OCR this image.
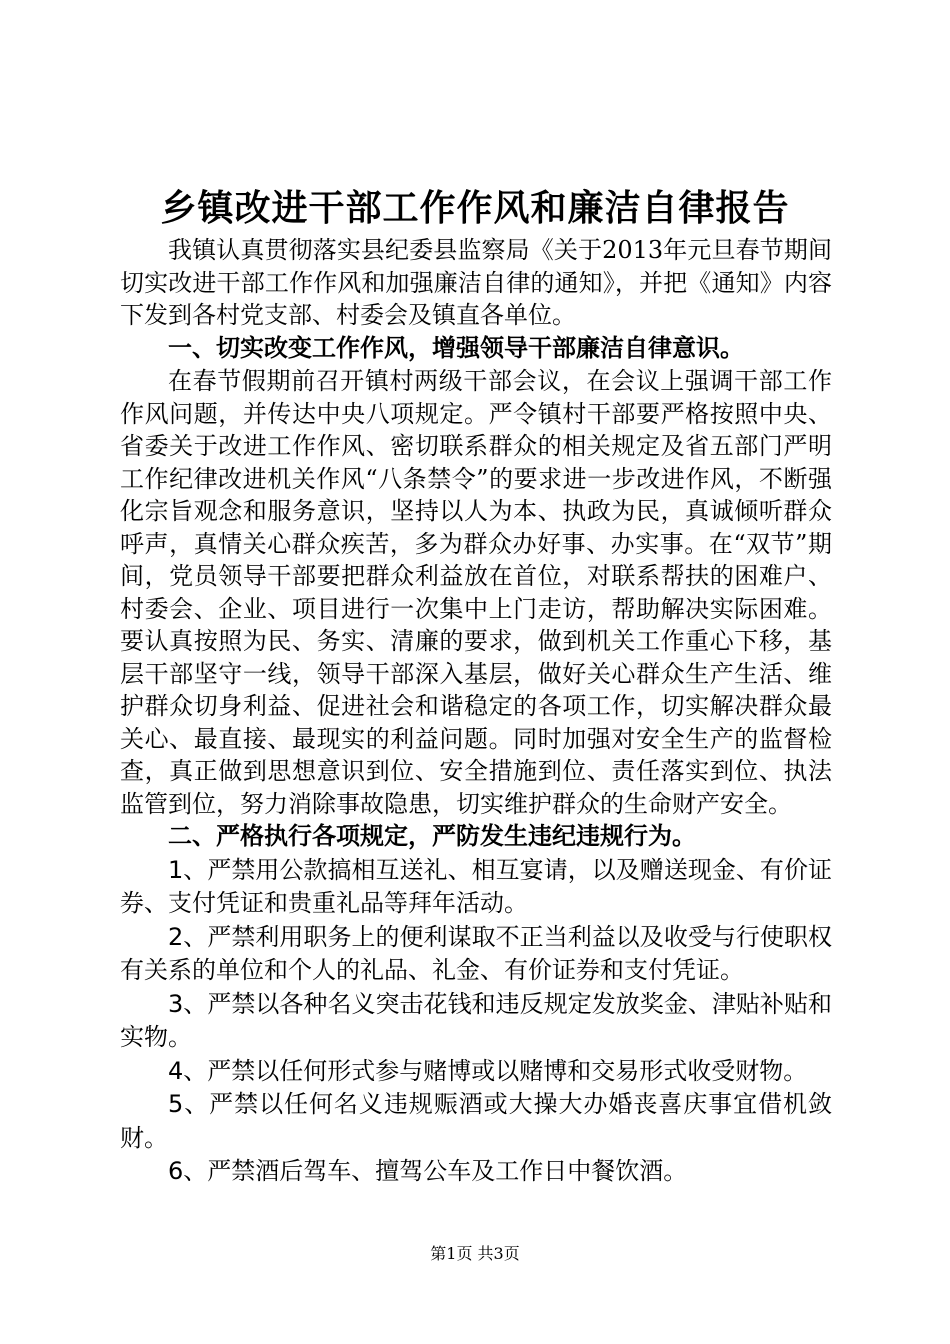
乡镇改进干部工作作风和廉洁自律报告

我镇认真贯彻落实县纪委县监察局《关于2013年元旦春节期间切实改进干部工作作风和加强廉洁自律的通知》，并把《通知》内容下发到各村党支部、村委会及镇直各单位。

一、切实改变工作作风，增强领导干部廉洁自律意识。

在春节假期前召开镇村两级干部会议，在会议上强调干部工作作风问题，并传达中央八项规定。严令镇村干部要严格按照中央、省委关于改进工作作风、密切联系群众的相关规定及省五部门严明工作纪律改进机关作风“八条禁令”的要求进一步改进作风，不断强化宗旨观念和服务意识，坚持以人为本、执政为民，真诚倾听群众呼声，真情关心群众疾苦，多为群众办好事、办实事。在“双节”期间，党员领导干部要把群众利益放在首位，对联系帮扶的困难户、村委会、企业、项目进行一次集中上门走访，帮助解决实际困难。要认真按照为民、务实、清廉的要求，做到机关工作重心下移，基层干部坚守一线，领导干部深入基层，做好关心群众生产生活、维护群众切身利益、促进社会和谐稳定的各项工作，切实解决群众最关心、最直接、最现实的利益问题。同时加强对安全生产的监督检查，真正做到思想意识到位、安全措施到位、责任落实到位、执法监管到位，努力消除事故隐患，切实维护群众的生命财产安全。

二、严格执行各项规定，严防发生违纪违规行为。

1、严禁用公款搞相互送礼、相互宴请，以及赠送现金、有价证券、支付凭证和贵重礼品等拜年活动。

2、严禁利用职务上的便利谋取不正当利益以及收受与行使职权有关系的单位和个人的礼品、礼金、有价证券和支付凭证。

3、严禁以各种名义突击花钱和违反规定发放奖金、津贴补贴和实物。

4、严禁以任何形式参与赌博或以赌博和交易形式收受财物。

5、严禁以任何名义违规赈酒或大操大办婚丧喜庆事宜借机敛财。

6、严禁酒后驾车、擅驾公车及工作日中餐饮酒。

第1页 共3页
